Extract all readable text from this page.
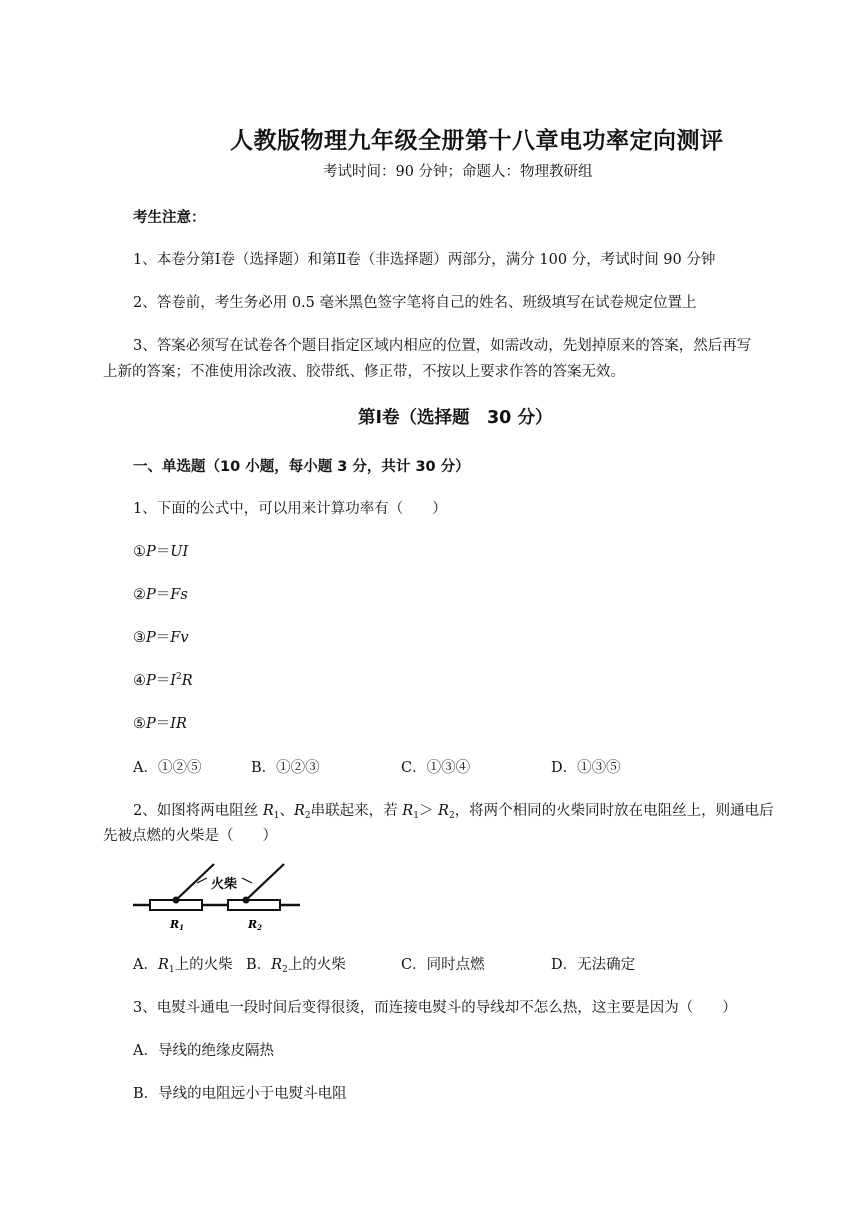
人教版物理九年级全册第十八章电功率定向测评
考试时间：90 分钟；命题人：物理教研组
考生注意：
1、本卷分第Ⅰ卷（选择题）和第Ⅱ卷（非选择题）两部分，满分 100 分，考试时间 90 分钟
2、答卷前，考生务必用 0.5 毫米黑色签字笔将自己的姓名、班级填写在试卷规定位置上
3、答案必须写在试卷各个题目指定区域内相应的位置，如需改动，先划掉原来的答案，然后再写
上新的答案；不准使用涂改液、胶带纸、修正带，不按以上要求作答的答案无效。
第Ⅰ卷（选择题　30 分）
一、单选题（10 小题，每小题 3 分，共计 30 分）
1、下面的公式中，可以用来计算功率有（　　）
①P＝UI
②P＝Fs
③P＝Fv
$④P=I^2R$
⑤P＝IR
A．①②⑤	B．①②③	C．①③④	D．①③⑤
2、如图将两电阻丝 $R_1$、$R_2$串联起来，若 $R_1> R_2$，将两个相同的火柴同时放在电阻丝上，则通电后
先被点燃的火柴是（　　）
火柴
R1	R2
A．$R_1$上的火柴 B．$R_2$上的火柴	C．同时点燃	D．无法确定
3、电熨斗通电一段时间后变得很烫，而连接电熨斗的导线却不怎么热，这主要是因为（　　）
A．导线的绝缘皮隔热
B．导线的电阻远小于电熨斗电阻
